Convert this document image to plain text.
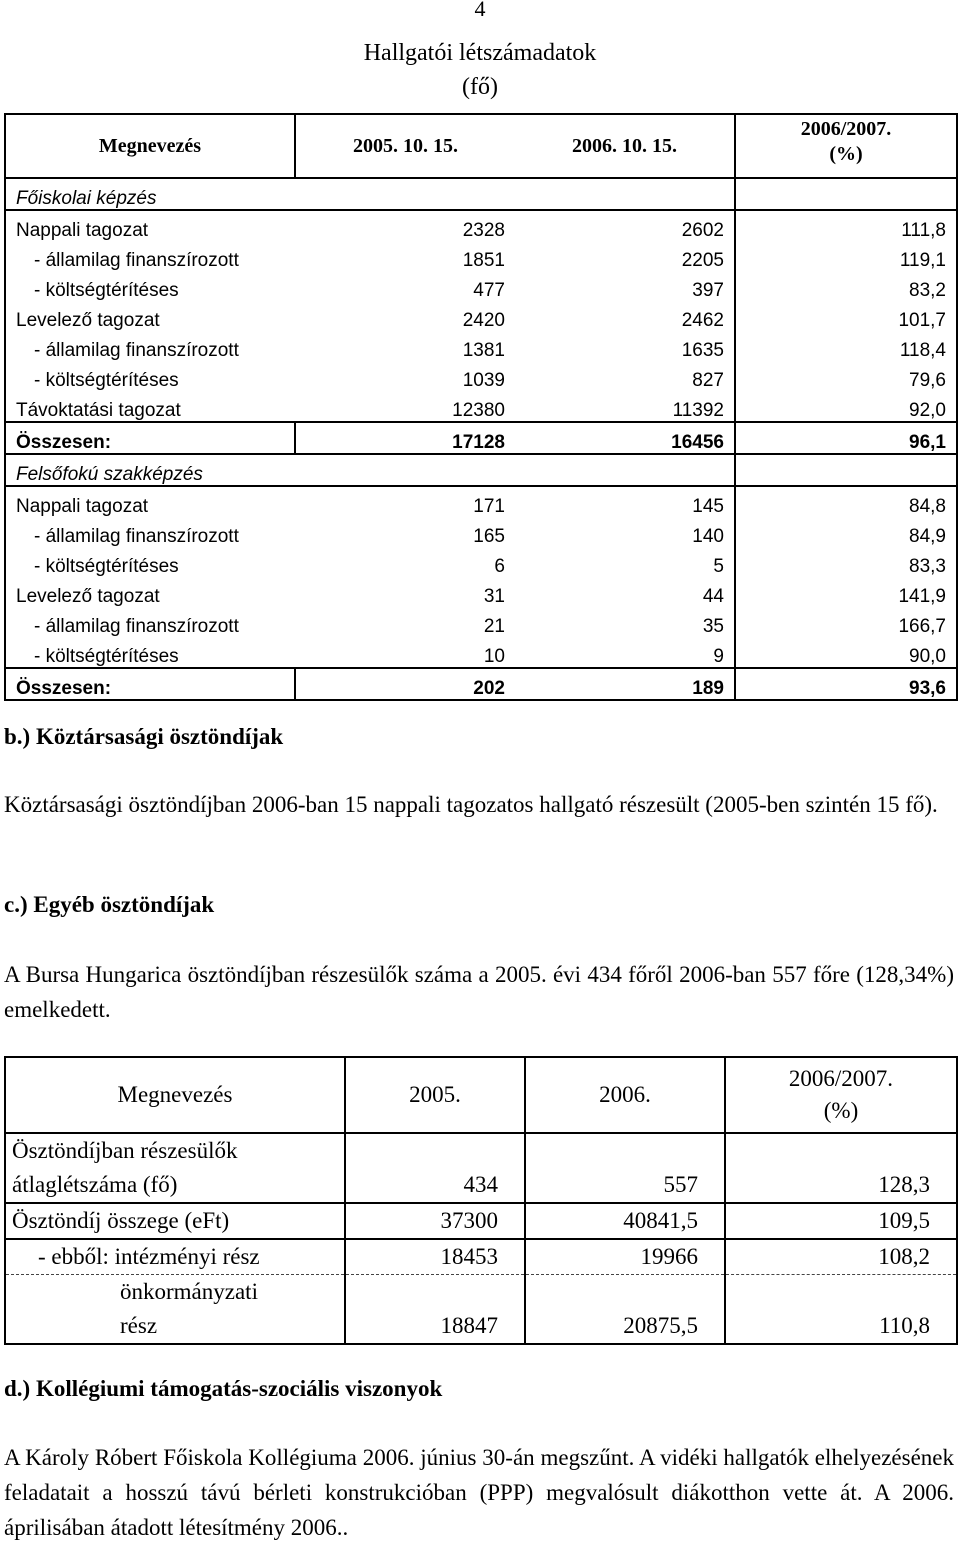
4
Hallgatói létszámadatok
(fő)
Megnevezés	2005. 10. 15.	2006. 10. 15.	2006/2007.
(%)
Főiskolai képzés			
Nappali tagozat	2328	2602	111,8
- államilag finanszírozott	1851	2205	119,1
- költségtérítéses	477	397	83,2
Levelező tagozat	2420	2462	101,7
- államilag finanszírozott	1381	1635	118,4
- költségtérítéses	1039	827	79,6
Távoktatási tagozat	12380	11392	92,0
Összesen:	17128	16456	96,1
Felsőfokú szakképzés			
Nappali tagozat	171	145	84,8
- államilag finanszírozott	165	140	84,9
- költségtérítéses	6	5	83,3
Levelező tagozat	31	44	141,9
- államilag finanszírozott	21	35	166,7
- költségtérítéses	10	9	90,0
Összesen:	202	189	93,6
b.) Köztársasági ösztöndíjak
Köztársasági ösztöndíjban 2006-ban 15 nappali tagozatos hallgató részesült (2005-ben szintén 15 fő).
c.) Egyéb ösztöndíjak
A Bursa Hungarica ösztöndíjban részesülők száma a 2005. évi 434 főről 2006-ban 557 főre (128,34%) emelkedett.
Megnevezés	2005.	2006.	2006/2007.
(%)
Ösztöndíjban részesülők
átlaglétszáma (fő)	434	557	128,3
Ösztöndíj összege (eFt)	37300	40841,5	109,5
- ebből: intézményi rész	18453	19966	108,2
önkormányzati
rész	18847	20875,5	110,8
d.) Kollégiumi támogatás-szociális viszonyok
A Károly Róbert Főiskola Kollégiuma 2006. június 30-án megszűnt. A vidéki hallgatók elhelyezésének feladatait a hosszú távú bérleti konstrukcióban (PPP) megvalósult diákotthon vette át. A 2006. áprilisában átadott létesítmény 2006..
